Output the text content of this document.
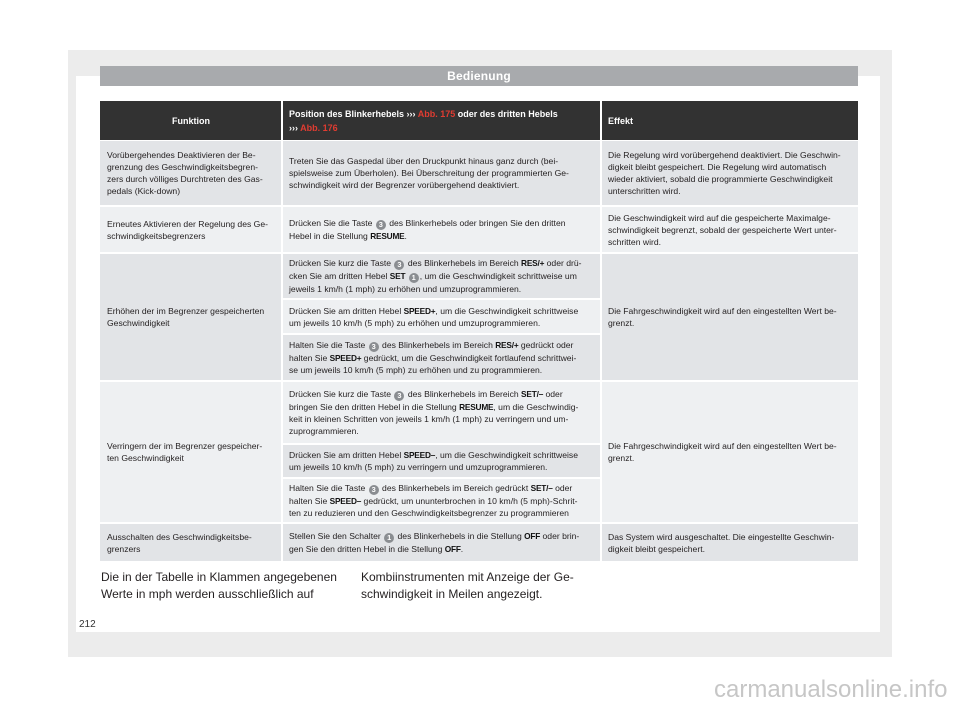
Bedienung
Funktion
Position des Blinkerhebels ››› Abb. 175 oder des dritten Hebels
››› Abb. 176
Effekt
Vorübergehendes Deaktivieren der Be-
grenzung des Geschwindigkeitsbegren-
zers durch völliges Durchtreten des Gas-
pedals (Kick-down)
Treten Sie das Gaspedal über den Druckpunkt hinaus ganz durch (bei-
spielsweise zum Überholen). Bei Überschreitung der programmierten Ge-
schwindigkeit wird der Begrenzer vorübergehend deaktiviert.
Die Regelung wird vorübergehend deaktiviert. Die Geschwin-
digkeit bleibt gespeichert. Die Regelung wird automatisch
wieder aktiviert, sobald die programmierte Geschwindigkeit
unterschritten wird.
Erneutes Aktivieren der Regelung des Ge-
schwindigkeitsbegrenzers
Drücken Sie die Taste 3 des Blinkerhebels oder bringen Sie den dritten
Hebel in die Stellung RESUME.
Die Geschwindigkeit wird auf die gespeicherte Maximalge-
schwindigkeit begrenzt, sobald der gespeicherte Wert unter-
schritten wird.
Erhöhen der im Begrenzer gespeicherten
Geschwindigkeit
Drücken Sie kurz die Taste 3 des Blinkerhebels im Bereich RES/+ oder drü-
cken Sie am dritten Hebel SET 1 , um die Geschwindigkeit schrittweise um
jeweils 1 km/h (1 mph) zu erhöhen und umzuprogrammieren.
Drücken Sie am dritten Hebel SPEED+, um die Geschwindigkeit schrittweise
um jeweils 10 km/h (5 mph) zu erhöhen und umzuprogrammieren.
Halten Sie die Taste 3 des Blinkerhebels im Bereich RES/+ gedrückt oder
halten Sie SPEED+ gedrückt, um die Geschwindigkeit fortlaufend schrittwei-
se um jeweils 10 km/h (5 mph) zu erhöhen und zu programmieren.
Die Fahrgeschwindigkeit wird auf den eingestellten Wert be-
grenzt.
Verringern der im Begrenzer gespeicher-
ten Geschwindigkeit
Drücken Sie kurz die Taste 3 des Blinkerhebels im Bereich SET/– oder
bringen Sie den dritten Hebel in die Stellung RESUME, um die Geschwindig-
keit in kleinen Schritten von jeweils 1 km/h (1 mph) zu verringern und um-
zuprogrammieren.
Drücken Sie am dritten Hebel SPEED–, um die Geschwindigkeit schrittweise
um jeweils 10 km/h (5 mph) zu verringern und umzuprogrammieren.
Halten Sie die Taste 3 des Blinkerhebels im Bereich gedrückt SET/– oder
halten Sie SPEED– gedrückt, um ununterbrochen in 10 km/h (5 mph)-Schrit-
ten zu reduzieren und den Geschwindigkeitsbegrenzer zu programmieren
Die Fahrgeschwindigkeit wird auf den eingestellten Wert be-
grenzt.
Ausschalten des Geschwindigkeitsbe-
grenzers
Stellen Sie den Schalter 1 des Blinkerhebels in die Stellung OFF oder brin-
gen Sie den dritten Hebel in die Stellung OFF.
Das System wird ausgeschaltet. Die eingestellte Geschwin-
digkeit bleibt gespeichert.
Die in der Tabelle in Klammen angegebenen
Werte in mph werden ausschließlich auf
Kombiinstrumenten mit Anzeige der Ge-
schwindigkeit in Meilen angezeigt.
212
carmanualsonline.info
